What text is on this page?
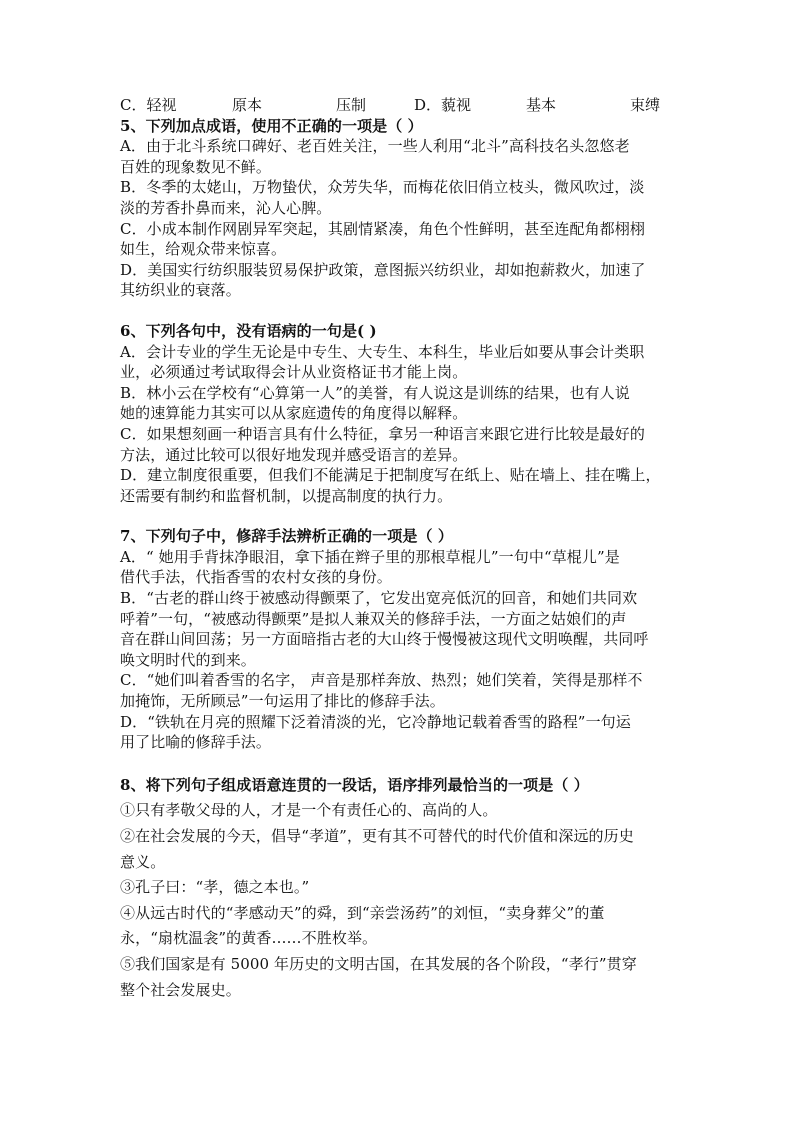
C．轻视	原本	压制	D．藐视	基本	束缚
5、下列加点成语，使用不正确的一项是（ ）
A．由于北斗系统口碑好、老百姓关注，一些人利用“北斗”高科技名头忽悠老
百姓的现象数见不鲜。
B．冬季的太姥山，万物蛰伏，众芳失华，而梅花依旧俏立枝头，微风吹过，淡
淡的芳香扑鼻而来，沁人心脾。
C．小成本制作网剧异军突起，其剧情紧凑，角色个性鲜明，甚至连配角都栩栩
如生，给观众带来惊喜。
D．美国实行纺织服装贸易保护政策，意图振兴纺织业，却如抱薪救火，加速了
其纺织业的衰落。
6、下列各句中，没有语病的一句是( )
A．会计专业的学生无论是中专生、大专生、本科生，毕业后如要从事会计类职
业，必须通过考试取得会计从业资格证书才能上岗。
B．林小云在学校有“心算第一人”的美誉，有人说这是训练的结果，也有人说
她的速算能力其实可以从家庭遗传的角度得以解释。
C．如果想刻画一种语言具有什么特征，拿另一种语言来跟它进行比较是最好的
方法，通过比较可以很好地发现并感受语言的差异。
D．建立制度很重要，但我们不能满足于把制度写在纸上、贴在墙上、挂在嘴上，
还需要有制约和监督机制，以提高制度的执行力。
7、下列句子中，修辞手法辨析正确的一项是（ ）
A．“ 她用手背抹净眼泪，拿下插在辫子里的那根草棍儿”一句中“草棍儿”是
借代手法，代指香雪的农村女孩的身份。
B．“古老的群山终于被感动得颤栗了，它发出宽亮低沉的回音，和她们共同欢
呼着”一句，“被感动得颤栗”是拟人兼双关的修辞手法，一方面之姑娘们的声
音在群山间回荡；另一方面暗指古老的大山终于慢慢被这现代文明唤醒，共同呼
唤文明时代的到来。
C．“她们叫着香雪的名字， 声音是那样奔放、热烈；她们笑着，笑得是那样不
加掩饰，无所顾忌”一句运用了排比的修辞手法。
D．“铁轨在月亮的照耀下泛着清淡的光，它冷静地记载着香雪的路程”一句运
用了比喻的修辞手法。
8、将下列句子组成语意连贯的一段话，语序排列最恰当的一项是（ ）
①只有孝敬父母的人，才是一个有责任心的、高尚的人。
②在社会发展的今天，倡导“孝道”，更有其不可替代的时代价值和深远的历史
意义。
③孔子曰：“孝，德之本也。”
④从远古时代的“孝感动天”的舜，到“亲尝汤药”的刘恒，“卖身葬父”的董
永，“扇枕温衾”的黄香……不胜枚举。
⑤我们国家是有 5000 年历史的文明古国，在其发展的各个阶段，“孝行”贯穿
整个社会发展史。
